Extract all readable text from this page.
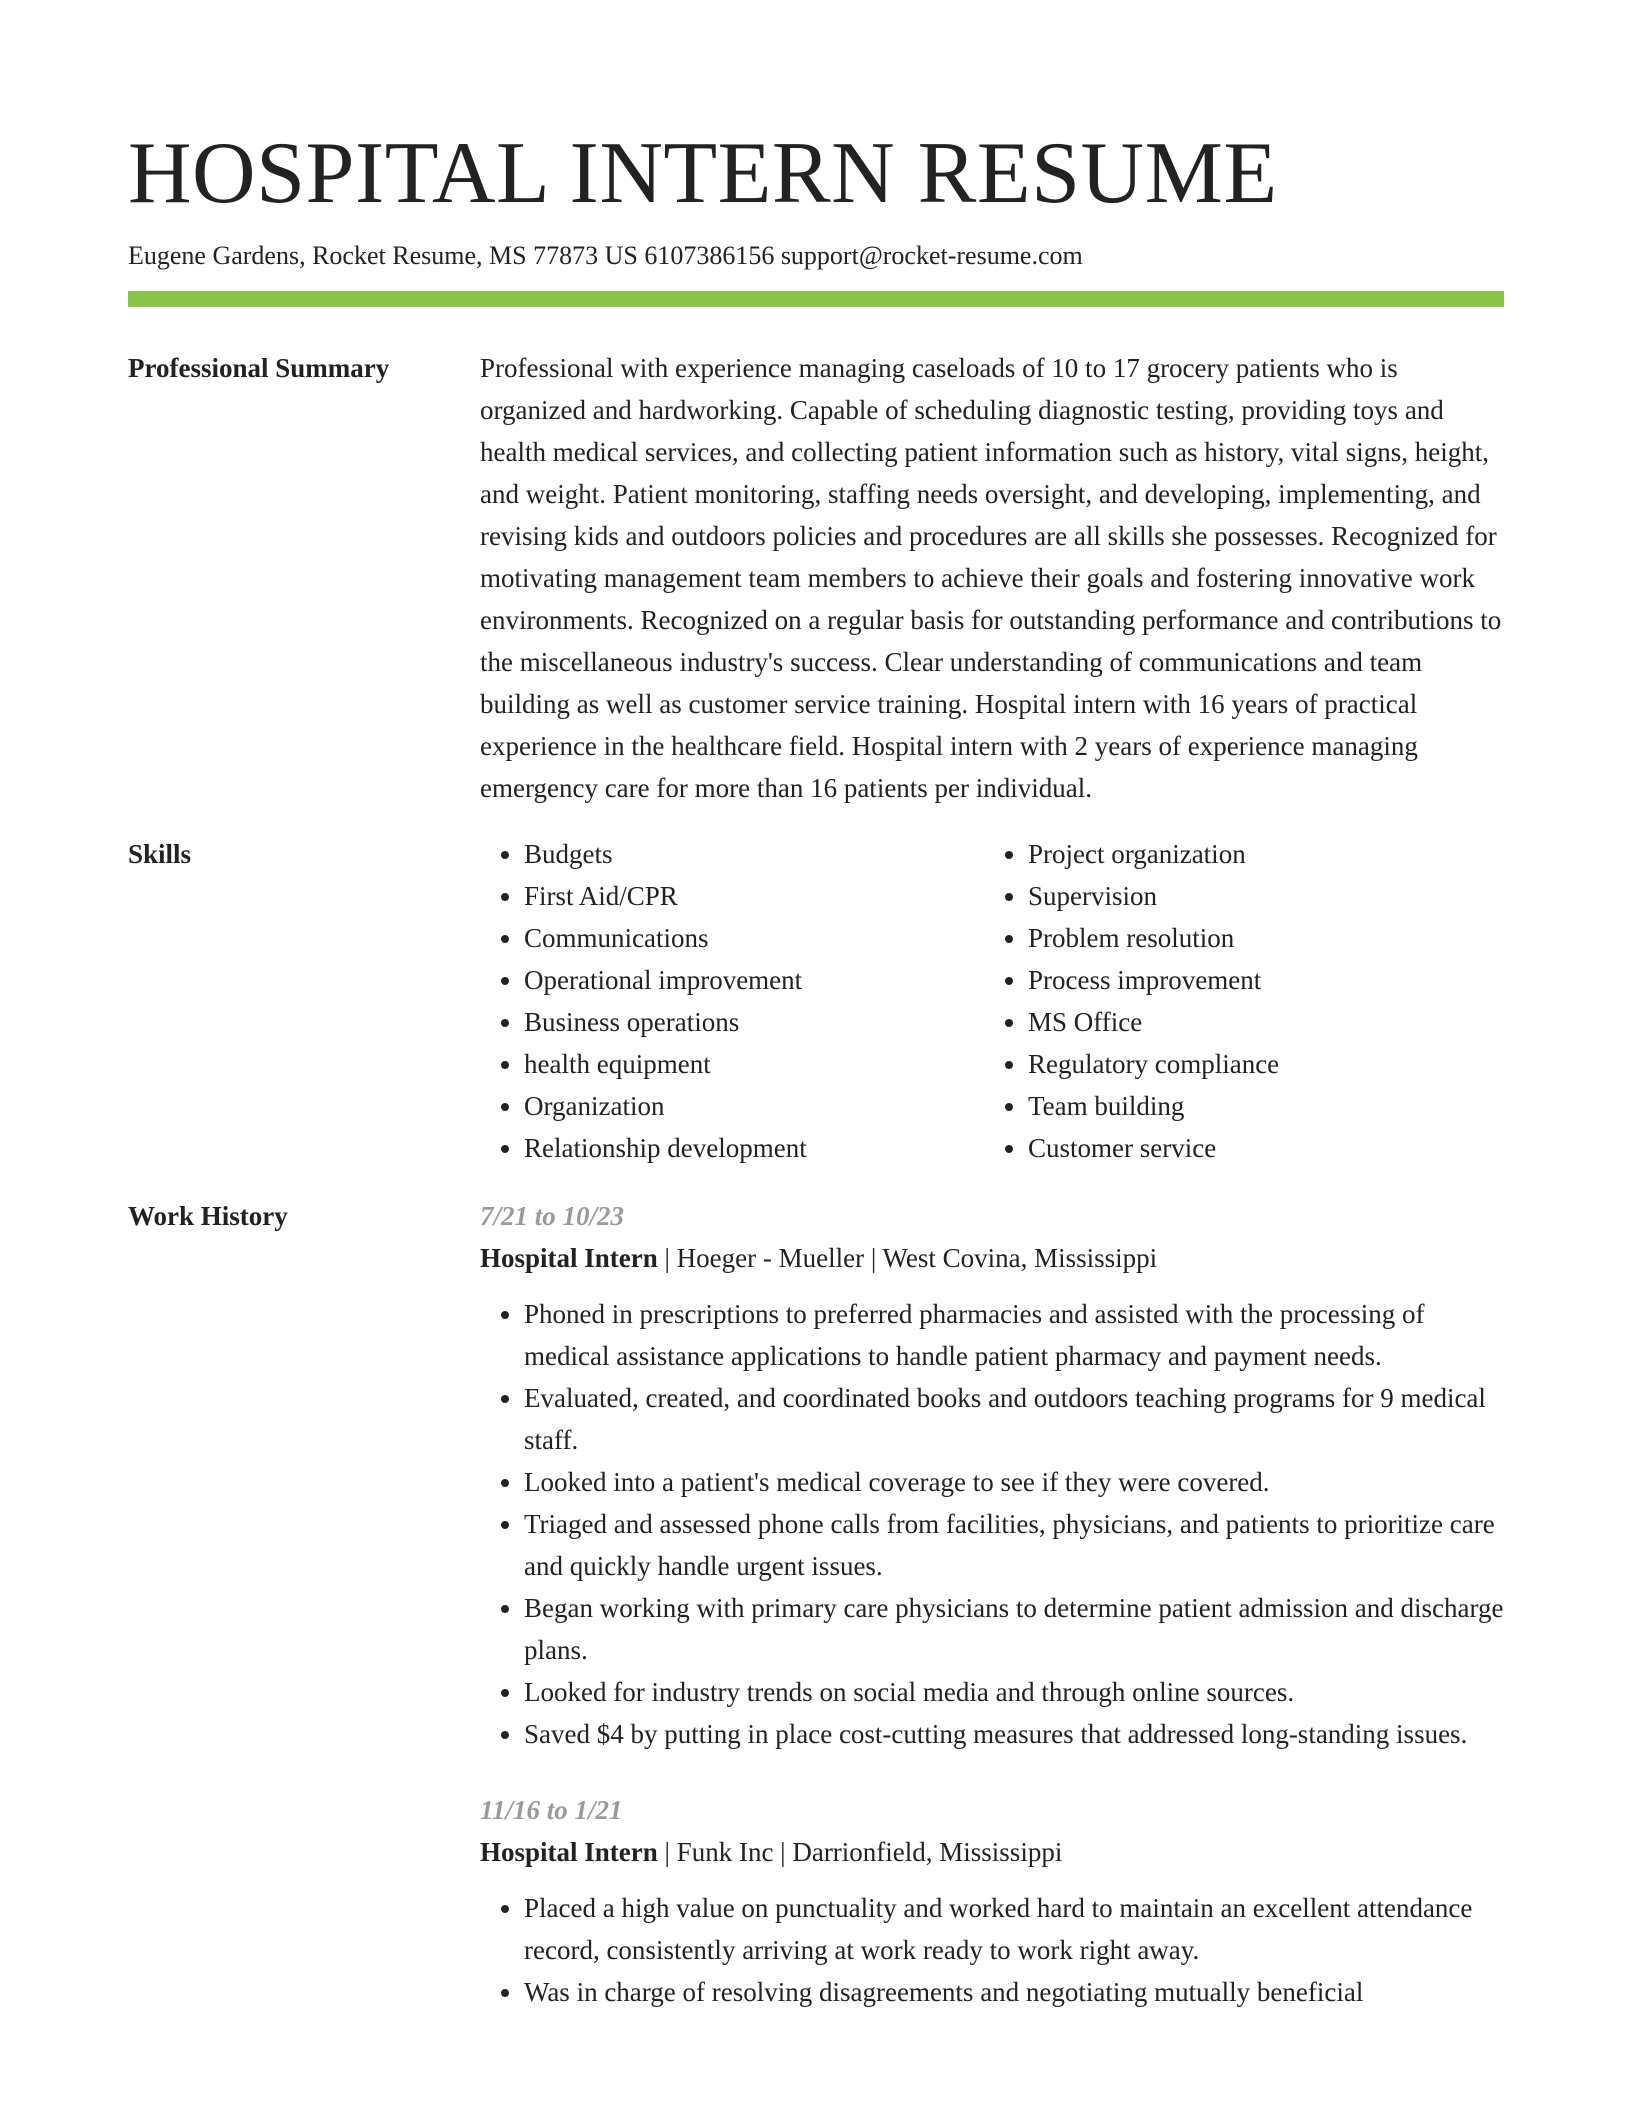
HOSPITAL INTERN RESUME
Eugene Gardens, Rocket Resume, MS 77873 US 6107386156 support@rocket-resume.com
Professional Summary	Professional with experience managing caseloads of 10 to 17 grocery patients who is organized and hardworking. Capable of scheduling diagnostic testing, providing toys and health medical services, and collecting patient information such as history, vital signs, height, and weight. Patient monitoring, staffing needs oversight, and developing, implementing, and revising kids and outdoors policies and procedures are all skills she possesses. Recognized for motivating management team members to achieve their goals and fostering innovative work environments. Recognized on a regular basis for outstanding performance and contributions to the miscellaneous industry's success. Clear understanding of communications and team building as well as customer service training. Hospital intern with 16 years of practical experience in the healthcare field. Hospital intern with 2 years of experience managing emergency care for more than 16 patients per individual.

Skills
•	Budgets
• First Aid/CPR
• Communications
• Operational improvement
• Business operations
• health equipment
• Organization
• Relationship development
• Project organization
• Supervision
• Problem resolution
• Process improvement
• MS Office
• Regulatory compliance
• Team building
• Customer service
Work History	7/21 to 10/23
Hospital Intern | Hoeger - Mueller | West Covina, Mississippi
• Phoned in prescriptions to preferred pharmacies and assisted with the processing of medical assistance applications to handle patient pharmacy and payment needs.
• Evaluated, created, and coordinated books and outdoors teaching programs for 9 medical staff.
• Looked into a patient's medical coverage to see if they were covered.
• Triaged and assessed phone calls from facilities, physicians, and patients to prioritize care and quickly handle urgent issues.
• Began working with primary care physicians to determine patient admission and discharge plans.
• Looked for industry trends on social media and through online sources.
• Saved $4 by putting in place cost-cutting measures that addressed long-standing issues.
11/16 to 1/21
Hospital Intern | Funk Inc | Darrionfield, Mississippi
• Placed a high value on punctuality and worked hard to maintain an excellent attendance record, consistently arriving at work ready to work right away.
• Was in charge of resolving disagreements and negotiating mutually beneficial
